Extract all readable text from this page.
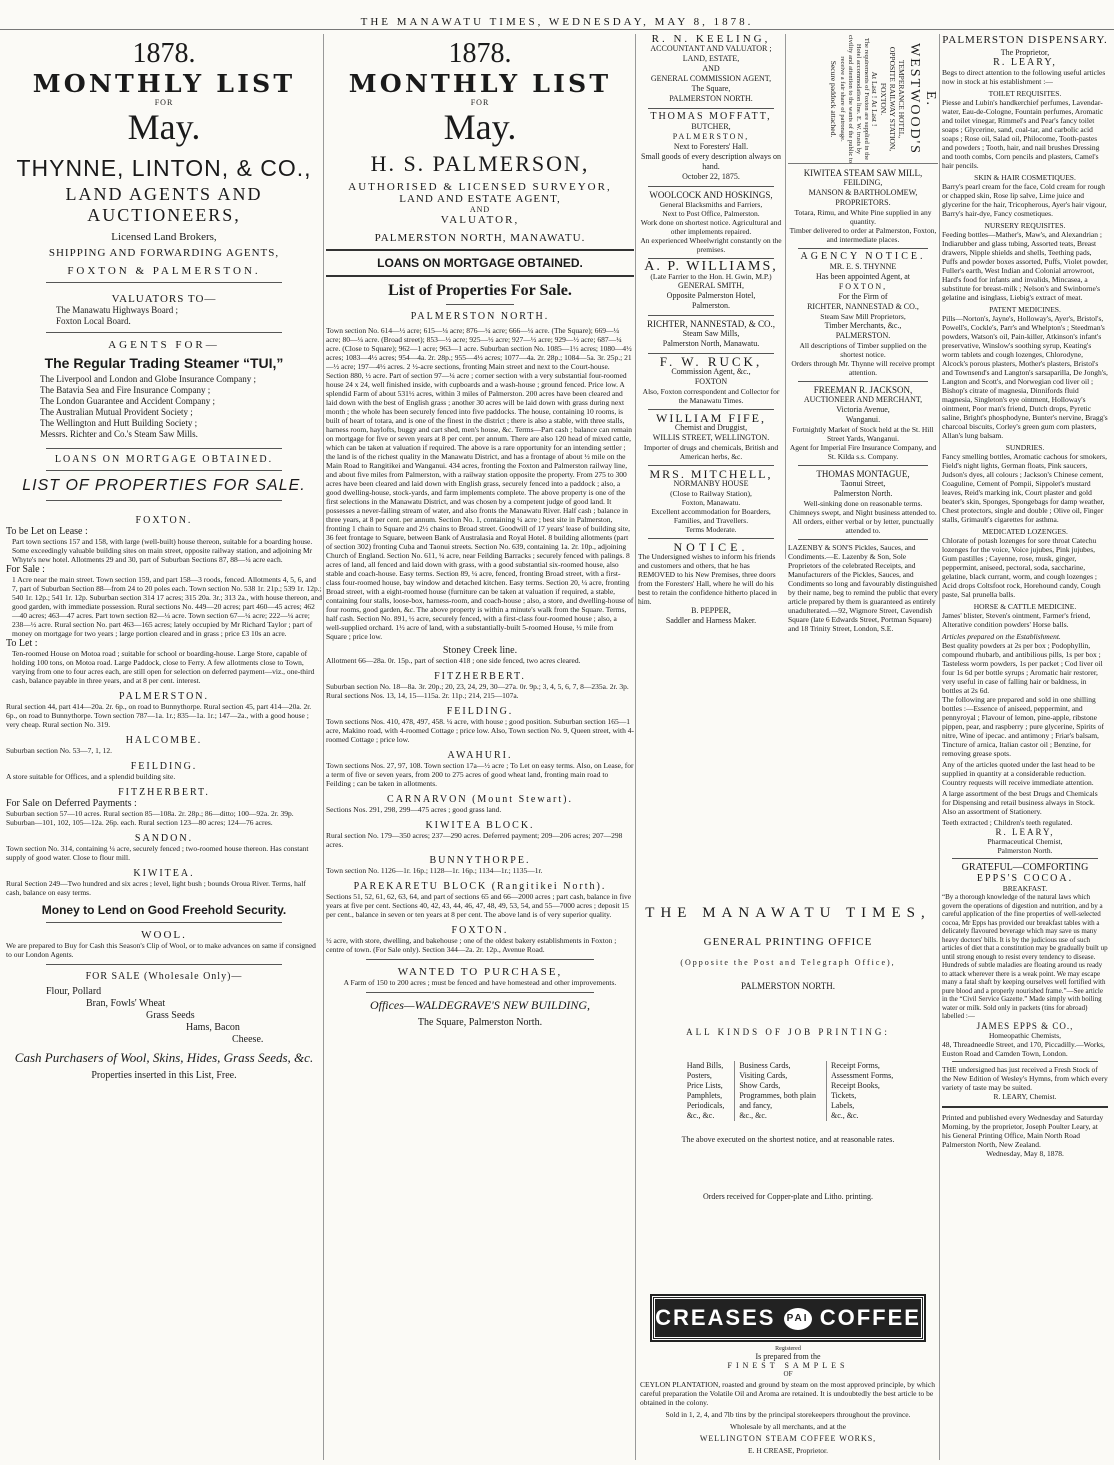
THE MANAWATU TIMES, WEDNESDAY, MAY 8, 1878.
1878.
MONTHLY LIST
FOR
May.
THYNNE, LINTON, & CO.,
LAND AGENTS AND AUCTIONEERS,
Licensed Land Brokers,
SHIPPING AND FORWARDING AGENTS,
FOXTON & PALMERSTON.
VALUATORS TO—
The Manawatu Highways Board ;
Foxton Local Board.
AGENTS FOR—
The Regular Trading Steamer “TUI,”
The Liverpool and London and Globe Insurance Company ;
The Batavia Sea and Fire Insurance Company ;
The London Guarantee and Accident Company ;
The Australian Mutual Provident Society ;
The Wellington and Hutt Building Society ;
Messrs. Richter and Co.'s Steam Saw Mills.
LOANS ON MORTGAGE OBTAINED.
LIST OF PROPERTIES FOR SALE.
FOXTON.
To be Let on Lease :
Part town sections 157 and 158, with large (well-built) house thereon, suitable for a boarding house. Some exceedingly valuable building sites on main street, opposite railway station, and adjoining Mr Whyte's new hotel. Allotments 29 and 30, part of Suburban Sections 87, 88—¼ acre each.
For Sale :
1 Acre near the main street. Town section 159, and part 158—3 roods, fenced. Allotments 4, 5, 6, and 7, part of Suburban Section 88—from 24 to 20 poles each. Town section No. 538 1r. 21p.; 539 1r. 12p.; 540 1r. 12p.; 541 1r. 12p. Suburban section 314 17 acres; 315 20a. 3r.; 313 2a., with house thereon, and good garden, with immediate possession. Rural sections No. 449—20 acres; part 460—45 acres; 462—40 acres; 463—47 acres. Part town section 82—¼ acre. Town section 67—¼ acre; 222—¼ acre; 238—½ acre. Rural section No. part 463—165 acres; lately occupied by Mr Richard Taylor ; part of money on mortgage for two years ; large portion cleared and in grass ; price £3 10s an acre.
To Let :
Ten-roomed House on Motoa road ; suitable for school or boarding-house. Large Store, capable of holding 100 tons, on Motoa road. Large Paddock, close to Ferry. A few allotments close to Town, varying from one to four acres each, are still open for selection on deferred payment—viz., one-third cash, balance payable in three years, and at 8 per cent. interest.
PALMERSTON.
Rural section 44, part 414—20a. 2r. 6p., on road to Bunnythorpe. Rural section 45, part 414—20a. 2r. 6p., on road to Bunnythorpe. Town section 787—1a. 1r.; 835—1a. 1r.; 147—2a., with a good house ; very cheap. Rural section No. 319.
HALCOMBE.
Suburban section No. 53—7, 1, 12.
FEILDING.
A store suitable for Offices, and a splendid building site.
FITZHERBERT.
For Sale on Deferred Payments :
Suburban section 57—10 acres. Rural section 85—108a. 2r. 28p.; 86—ditto; 100—92a. 2r. 39p. Suburban—101, 102, 105—12a. 26p. each. Rural section 123—80 acres; 124—76 acres.
SANDON.
Town section No. 314, containing ¼ acre, securely fenced ; two-roomed house thereon. Has constant supply of good water. Close to flour mill.
KIWITEA.
Rural Section 249—Two hundred and six acres ; level, light bush ; bounds Oroua River. Terms, half cash, balance on easy terms.
Money to Lend on Good Freehold Security.
WOOL.
We are prepared to Buy for Cash this Season's Clip of Wool, or to make advances on same if consigned to our London Agents.
FOR SALE (Wholesale Only)—
Flour, Pollard
Bran, Fowls' Wheat
Grass Seeds
Hams, Bacon
Cheese.
Cash Purchasers of Wool, Skins, Hides, Grass Seeds, &c.
Properties inserted in this List, Free.
1878.
MONTHLY LIST
FOR
May.
H. S. PALMERSON,
AUTHORISED & LICENSED SURVEYOR,
LAND AND ESTATE AGENT,
AND
VALUATOR,
PALMERSTON NORTH, MANAWATU.
LOANS ON MORTGAGE OBTAINED.
List of Properties For Sale.
PALMERSTON NORTH.
Town section No. 614—½ acre; 615—¼ acre; 876—¼ acre; 666—¼ acre. (The Square); 669—¼ acre; 80—¼ acre. (Broad street); 853—½ acre; 925—½ acre; 927—½ acre; 929—½ acre; 687—¼ acre. (Close to Square); 962—1 acre; 963—1 acre. Suburban section No. 1085—1½ acres; 1080—4½ acres; 1083—4½ acres; 954—4a. 2r. 28p.; 955—4½ acres; 1077—4a. 2r. 28p.; 1084—5a. 3r. 25p.; 21—½ acre; 197—4½ acres. 2 ½-acre sections, fronting Main street and next to the Court-house. Section 880, ½ acre. Part of section 97—¼ acre ; corner section with a very substantial four-roomed house 24 x 24, well finished inside, with cupboards and a wash-house ; ground fenced. Price low. A splendid Farm of about 531½ acres, within 3 miles of Palmerston. 200 acres have been cleared and laid down with the best of English grass ; another 30 acres will be laid down with grass during next month ; the whole has been securely fenced into five paddocks. The house, containing 10 rooms, is built of heart of totara, and is one of the finest in the district ; there is also a stable, with three stalls, harness room, haylofts, buggy and cart shed, men's house, &c. Terms—Part cash ; balance can remain on mortgage for five or seven years at 8 per cent. per annum. There are also 120 head of mixed cattle, which can be taken at valuation if required. The above is a rare opportunity for an intending settler ; the land is of the richest quality in the Manawatu District, and has a frontage of about ½ mile on the Main Road to Rangitikei and Wanganui. 434 acres, fronting the Foxton and Palmerston railway line, and about five miles from Palmerston, with a railway station opposite the property. From 275 to 300 acres have been cleared and laid down with English grass, securely fenced into a paddock ; also, a good dwelling-house, stock-yards, and farm implements complete. The above property is one of the first selections in the Manawatu District, and was chosen by a competent judge of good land. It possesses a never-failing stream of water, and also fronts the Manawatu River. Half cash ; balance in three years, at 8 per cent. per annum. Section No. 1, containing ¼ acre ; best site in Palmerston, fronting 1 chain to Square and 2½ chains to Broad street. Goodwill of 17 years' lease of building site, 36 feet frontage to Square, between Bank of Australasia and Royal Hotel. 8 building allotments (part of section 302) fronting Cuba and Taonui streets. Section No. 639, containing 1a. 2r. 10p., adjoining Church of England. Section No. 611, ¼ acre, near Feilding Barracks ; securely fenced with palings. 8 acres of land, all fenced and laid down with grass, with a good substantial six-roomed house, also stable and coach-house. Easy terms. Section 89, ¼ acre, fenced, fronting Broad street, with a first-class four-roomed house, bay window and detached kitchen. Easy terms. Section 20, ¼ acre, fronting Broad street, with a eight-roomed house (furniture can be taken at valuation if required, a stable, containing four stalls, loose-box, harness-room, and coach-house ; also, a store, and dwelling-house of four rooms, good garden, &c. The above property is within a minute's walk from the Square. Terms, half cash. Section No. 891, ½ acre, securely fenced, with a first-class four-roomed house ; also, a well-supplied orchard. 1½ acre of land, with a substantially-built 5-roomed House, ½ mile from Square ; price low.
Stoney Creek line.
Allotment 66—28a. 0r. 15p., part of section 418 ; one side fenced, two acres cleared.
FITZHERBERT.
Suburban section No. 18—8a. 3r. 20p.; 20, 23, 24, 29, 30—27a. 0r. 9p.; 3, 4, 5, 6, 7, 8—235a. 2r. 3p. Rural sections Nos. 13, 14, 15—115a. 2r. 11p.; 214, 215—107a.
FEILDING.
Town sections Nos. 410, 478, 497, 458. ¼ acre, with house ; good position. Suburban section 165—1 acre, Makino road, with 4-roomed Cottage ; price low. Also, Town section No. 9, Queen street, with 4-roomed Cottage ; price low.
AWAHURI.
Town sections Nos. 27, 97, 108. Town section 17a—½ acre ; To Let on easy terms. Also, on Lease, for a term of five or seven years, from 200 to 275 acres of good wheat land, fronting main road to Feilding ; can be taken in allotments.
CARNARVON (Mount Stewart).
Sections Nos. 291, 298, 299—475 acres ; good grass land.
KIWITEA BLOCK.
Rural section No. 179—350 acres; 237—290 acres. Deferred payment; 209—206 acres; 207—298 acres.
BUNNYTHORPE.
Town section No. 1126—1r. 16p.; 1128—1r. 16p.; 1134—1r.; 1135—1r.
PAREKARETU BLOCK (Rangitikei North).
Sections 51, 52, 61, 62, 63, 64, and part of sections 65 and 66—2000 acres ; part cash, balance in five years at five per cent. Sections 40, 42, 43, 44, 46, 47, 48, 49, 53, 54, and 55—7000 acres ; deposit 15 per cent., balance in seven or ten years at 8 per cent. The above land is of very superior quality.
FOXTON.
½ acre, with store, dwelling, and bakehouse ; one of the oldest bakery establishments in Foxton ; centre of town. (For Sale only). Section 344—2a. 2r. 12p., Avenue Road.
WANTED TO PURCHASE,
A Farm of 150 to 200 acres ; must be fenced and have homestead and other improvements.
Offices—WALDEGRAVE'S NEW BUILDING,
The Square, Palmerston North.
R. N. KEELING,
ACCOUNTANT AND VALUATOR ;
LAND, ESTATE,
AND
GENERAL COMMISSION AGENT,
The Square,
PALMERSTON NORTH.
THOMAS MOFFATT,
BUTCHER,
PALMERSTON,
Next to Foresters' Hall.
Small goods of every description always on hand.
October 22, 1875.
WOOLCOCK AND HOSKINGS,
General Blacksmiths and Farriers,
Next to Post Office, Palmerston.
Work done on shortest notice. Agricultural and other implements repaired.
An experienced Wheelwright constantly on the premises.
A. P. WILLIAMS,
(Late Farrier to the Hon. H. Gwin, M.P.)
GENERAL SMITH,
Opposite Palmerston Hotel,
Palmerston.
RICHTER, NANNESTAD, & CO.,
Steam Saw Mills,
Palmerston North, Manawatu.
F. W. RUCK,
Commission Agent, &c.,
FOXTON
Also, Foxton correspondent and Collector for the Manawatu Times.
WILLIAM FIFE,
Chemist and Druggist,
WILLIS STREET, WELLINGTON.
Importer of drugs and chemicals, British and American herbs, &c.
MRS. MITCHELL,
NORMANBY HOUSE
(Close to Railway Station),
Foxton, Manawatu.
Excellent accommodation for Boarders, Families, and Travellers.
Terms Moderate.
NOTICE.
The Undersigned wishes to inform his friends and customers and others, that he has REMOVED to his New Premises, three doors from the Foresters' Hall, where he will do his best to retain the confidence hitherto placed in him.
B. PEPPER,
Saddler and Harness Maker.
E. WESTWOOD'S
TEMPERANCE HOTEL,
OPPOSITE RAILWAY STATION,
FOXTON.
At Last ! At Last !
The requirements of Foxton are supplied in the Hotel accommodation line. E. W. trusts by civility and attention to the wants of the public to receive a fair share of patronage.
Secure paddock attached.
KIWITEA STEAM SAW MILL,
FEILDING,
MANSON & BARTHOLOMEW,
PROPRIETORS.
Totara, Rimu, and White Pine supplied in any quantity.
Timber delivered to order at Palmerston, Foxton, and intermediate places.
AGENCY NOTICE.
MR. E. S. THYNNE
Has been appointed Agent, at
FOXTON,
For the Firm of
RICHTER, NANNESTAD & CO.,
Steam Saw Mill Proprietors,
Timber Merchants, &c.,
PALMERSTON.
All descriptions of Timber supplied on the shortest notice.
Orders through Mr. Thynne will receive prompt attention.
FREEMAN R. JACKSON,
AUCTIONEER AND MERCHANT,
Victoria Avenue,
Wanganui.
Fortnightly Market of Stock held at the St. Hill Street Yards, Wanganui.
Agent for Imperial Fire Insurance Company, and St. Kilda s.s. Company.
THOMAS MONTAGUE,
Taonui Street,
Palmerston North.
Well-sinking done on reasonable terms. Chimneys swept, and Night business attended to.
All orders, either verbal or by letter, punctually attended to.
LAZENBY & SON'S Pickles, Sauces, and Condiments.—E. Lazenby & Son, Sole Proprietors of the celebrated Receipts, and Manufacturers of the Pickles, Sauces, and Condiments so long and favourably distinguished by their name, beg to remind the public that every article prepared by them is guaranteed as entirely unadulterated.—92, Wigmore Street, Cavendish Square (late 6 Edwards Street, Portman Square) and 18 Trinity Street, London, S.E.
THE MANAWATU TIMES,
GENERAL PRINTING OFFICE
(Opposite the Post and Telegraph Office),
PALMERSTON NORTH.
ALL KINDS OF JOB PRINTING:

Hand Bills,

Posters,

Price Lists,

Pamphlets,

Periodicals,

&c., &c.

Business Cards,

Visiting Cards,

Show Cards,

Programmes, both plain

and fancy,

&c., &c.

Receipt Forms,

Assessment Forms,

Receipt Books,

Tickets,

Labels,

&c., &c.

The above executed on the shortest notice, and at reasonable rates.
Orders received for Copper-plate and Litho. printing.
CREASES PAI COFFEE
Registered
Is prepared from the
FINEST SAMPLES
OF
CEYLON PLANTATION, roasted and ground by steam on the most approved principle, by which careful preparation the Volatile Oil and Aroma are retained. It is undoubtedly the best article to be obtained in the colony.
Sold in 1, 2, 4, and 7lb tins by the principal storekeepers throughout the province.
Wholesale by all merchants, and at the
WELLINGTON STEAM COFFEE WORKS,
E. H CREASE, Proprietor.
PALMERSTON DISPENSARY.
The Proprietor,
R. LEARY,
Begs to direct attention to the following useful articles now in stock at his establishment :—
TOILET REQUISITES.
Piesse and Lubin's handkerchief perfumes, Lavendar-water, Eau-de-Cologne, Fountain perfumes, Aromatic and toilet vinegar, Rimmel's and Pear's fancy toilet soaps ; Glycerine, sand, coal-tar, and carbolic acid soaps ; Rose oil, Salad oil, Philocome, Tooth-pastes and powders ; Tooth, hair, and nail brushes Dressing and tooth combs, Corn pencils and plasters, Camel's hair pencils.
SKIN & HAIR COSMETIQUES.
Barry's pearl cream for the face, Cold cream for rough or chapped skin, Rose lip salve, Lime juice and glycerine for the hair, Tricopherous, Ayer's hair vigour, Barry's hair-dye, Fancy cosmetiques.
NURSERY REQUISITES.
Feeding bottles—Mather's, Maw's, and Alexandrian ; Indiarubber and glass tubing, Assorted teats, Breast drawers, Nipple shields and shells, Teething pads, Puffs and powder boxes assorted, Puffs, Violet powder, Fuller's earth, West Indian and Colonial arrowroot, Hard's food for infants and invalids, Mincasea, a substitute for breast-milk ; Nelson's and Swinborne's gelatine and isinglass, Liebig's extract of meat.
PATENT MEDICINES.
Pills—Norton's, Jayne's, Holloway's, Ayer's, Bristol's, Powell's, Cockle's, Parr's and Whelpton's ; Steedman's powders, Watson's oil, Pain-killer, Atkinson's infant's preservative, Winslow's soothing syrup, Keating's worm tablets and cough lozenges, Chlorodyne, Alcock's porous plasters, Mother's plasters, Bristol's and Townsend's and Langton's sarsaparilla, De Jongh's, Langton and Scott's, and Norwegian cod liver oil ; Bishop's citrate of magnesia, Dinnifords fluid magnesia, Singleton's eye ointment, Holloway's ointment, Poor man's friend, Dutch drops, Pyretic saline, Bright's phosphodyne, Bunter's nervine, Bragg's charcoal biscuits, Corley's green gum corn plasters, Allan's lung balsam.
SUNDRIES.
Fancy smelling bottles, Aromatic cachous for smokers, Field's night lights, German floats, Pink saucers, Judson's dyes, all colours ; Jackson's Chinese cement, Coaguline, Cement of Pompii, Sippolet's mustard leaves, Reid's marking ink, Court plaster and gold beater's skin, Sponges, Spongebags for damp weather, Chest protectors, single and double ; Olive oil, Finger stalls, Grimault's cigarettes for asthma.
MEDICATED LOZENGES.
Chlorate of potash lozenges for sore throat Catechu lozenges for the voice, Voice jujubes, Pink jujubes, Gum pastilles ; Cayenne, rose, musk, ginger, peppermint, aniseed, pectoral, soda, saccharine, gelatine, black currant, worm, and cough lozenges ; Acid drops Coltsfoot rock, Horehound candy, Cough paste, Sal prunella balls.
HORSE & CATTLE MEDICINE.
James' blister, Steven's ointment, Farmer's friend, Alterative condition powders' Horse balls.
Articles prepared on the Establishment.
Best quality powders at 2s per box ; Podophyllin, compound rhubarb, and antibilious pills, 1s per box ; Tasteless worm powders, 1s per packet ; Cod liver oil four 1s 6d per bottle syrups ; Aromatic hair restorer, very useful in case of falling hair or baldness, in bottles at 2s 6d.
The following are prepared and sold in one shilling bottles :—Essence of aniseed, peppermint, and pennyroyal ; Flavour of lemon, pine-apple, ribstone pippen, pear, and raspberry ; pure glycerine, Spirits of nitre, Wine of ipecac. and antimony ; Friar's balsam, Tincture of arnica, Italian castor oil ; Benzine, for removing grease spots.
Any of the articles quoted under the last head to be supplied in quantity at a considerable reduction. Country requests will receive immediate attention.
A large assortment of the best Drugs and Chemicals for Dispensing and retail business always in Stock.
Also an assortment of Stationery.
Teeth extracted ; Children's teeth regulated.
R. LEARY,
Pharmaceutical Chemist,
Palmerston North.
GRATEFUL—COMFORTING
EPPS'S COCOA.
BREAKFAST.
“By a thorough knowledge of the natural laws which govern the operations of digestion and nutrition, and by a careful application of the fine properties of well-selected cocoa, Mr Epps has provided our breakfast tables with a delicately flavoured beverage which may save us many heavy doctors' bills. It is by the judicious use of such articles of diet that a constitution may be gradually built up until strong enough to resist every tendency to disease. Hundreds of subtle maladies are floating around us ready to attack wherever there is a weak point. We may escape many a fatal shaft by keeping ourselves well fortified with pure blood and a properly nourished frame.”—See article in the “Civil Service Gazette.” Made simply with boiling water or milk. Sold only in packets (tins for abroad) labelled :—
JAMES EPPS & CO.,
Homeopathic Chemists,
48, Threadneedle Street, and 170, Piccadilly.—Works, Euston Road and Camden Town, London.
THE undersigned has just received a Fresh Stock of the New Edition of Wesley's Hymns, from which every variety of taste may be suited.
R. LEARY, Chemist.
Printed and published every Wednesday and Saturday Morning, by the proprietor, Joseph Poulter Leary, at his General Printing Office, Main North Road Palmerston North, New Zealand.
Wednesday, May 8, 1878.
